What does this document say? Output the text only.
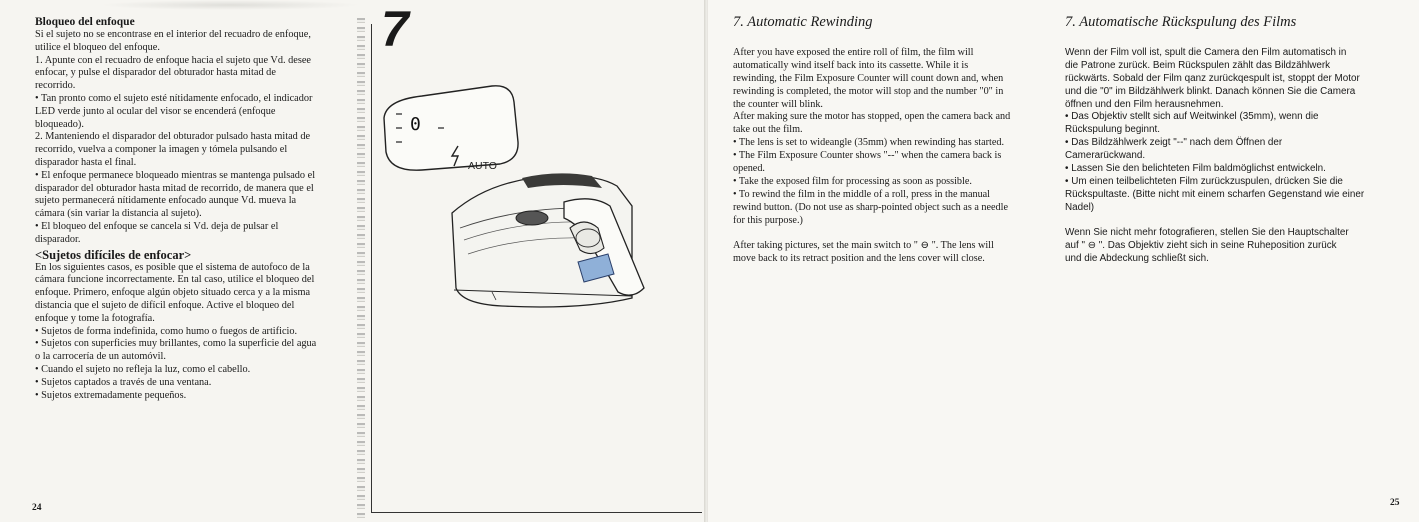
Bloqueo del enfoque

Si el sujeto no se encontrase en el interior del recuadro de enfoque,

utilice el bloqueo del enfoque.

1. Apunte con el recuadro de enfoque hacia el sujeto que Vd. desee

enfocar, y pulse el disparador del obturador hasta mitad de

recorrido.

• Tan pronto como el sujeto esté nítidamente enfocado, el indicador

LED verde junto al ocular del visor se encenderá (enfoque

bloqueado).

2. Manteniendo el disparador del obturador pulsado hasta mitad de

recorrido, vuelva a componer la imagen y tómela pulsando el

disparador hasta el final.

• El enfoque permanece bloqueado mientras se mantenga pulsado el

disparador del obturador hasta mitad de recorrido, de manera que el

sujeto permanecerá nítidamente enfocado aunque Vd. mueva la

cámara (sin variar la distancia al sujeto).

• El bloqueo del enfoque se cancela si Vd. deja de pulsar el

disparador.

<Sujetos difíciles de enfocar>

En los siguientes casos, es posible que el sistema de autofoco de la

cámara funcione incorrectamente. En tal caso, utilice el bloqueo del

enfoque. Primero, enfoque algún objeto situado cerca y a la misma

distancia que el sujeto de difícil enfoque. Active el bloqueo del

enfoque y tome la fotografía.

• Sujetos de forma indefinida, como humo o fuegos de artificio.

• Sujetos con superficies muy brillantes, como la superficie del agua

o la carrocería de un automóvil.

• Cuando el sujeto no refleja la luz, como el cabello.

• Sujetos captados a través de una ventana.

• Sujetos extremadamente pequeños.

7
0
AUTO
24
7. Automatic Rewinding

After you have exposed the entire roll of film, the film will

automatically wind itself back into its cassette. While it is

rewinding, the Film Exposure Counter will count down and, when

rewinding is completed, the motor will stop and the number "0" in

the counter will blink.

After making sure the motor has stopped, open the camera back and

take out the film.

• The lens is set to wideangle (35mm) when rewinding has started.

• The Film Exposure Counter shows "--" when the camera back is

opened.

• Take the exposed film for processing as soon as possible.

• To rewind the film in the middle of a roll, press in the manual

rewind button. (Do not use as sharp-pointed object such as a needle

for this purpose.)

After taking pictures, set the main switch to " ⊖ ". The lens will

move back to its retract position and the lens cover will close.

7. Automatische Rückspulung des Films

Wenn der Film voll ist, spult die Camera den Film automatisch in

die Patrone zurück. Beim Rückspulen zählt das Bildzählwerk

rückwärts. Sobald der Film qanz zurückqespult ist, stoppt der Motor

und die "0" im Bildzählwerk blinkt. Danach können Sie die Camera

öffnen und den Film herausnehmen.

• Das Objektiv stellt sich auf Weitwinkel (35mm), wenn die

Rückspulung beginnt.

• Das Bildzählwerk zeigt "--" nach dem Öffnen der

Camerarückwand.

• Lassen Sie den belichteten Film baldmöglichst entwickeln.

• Um einen teilbelichteten Film zurückzuspulen, drücken Sie die

Rückspultaste. (Bitte nicht mit einem scharfen Gegenstand wie einer

Nadel)

Wenn Sie nicht mehr fotografieren, stellen Sie den Hauptschalter

auf " ⊖ ". Das Objektiv zieht sich in seine Ruheposition zurück

und die Abdeckung schließt sich.

25
